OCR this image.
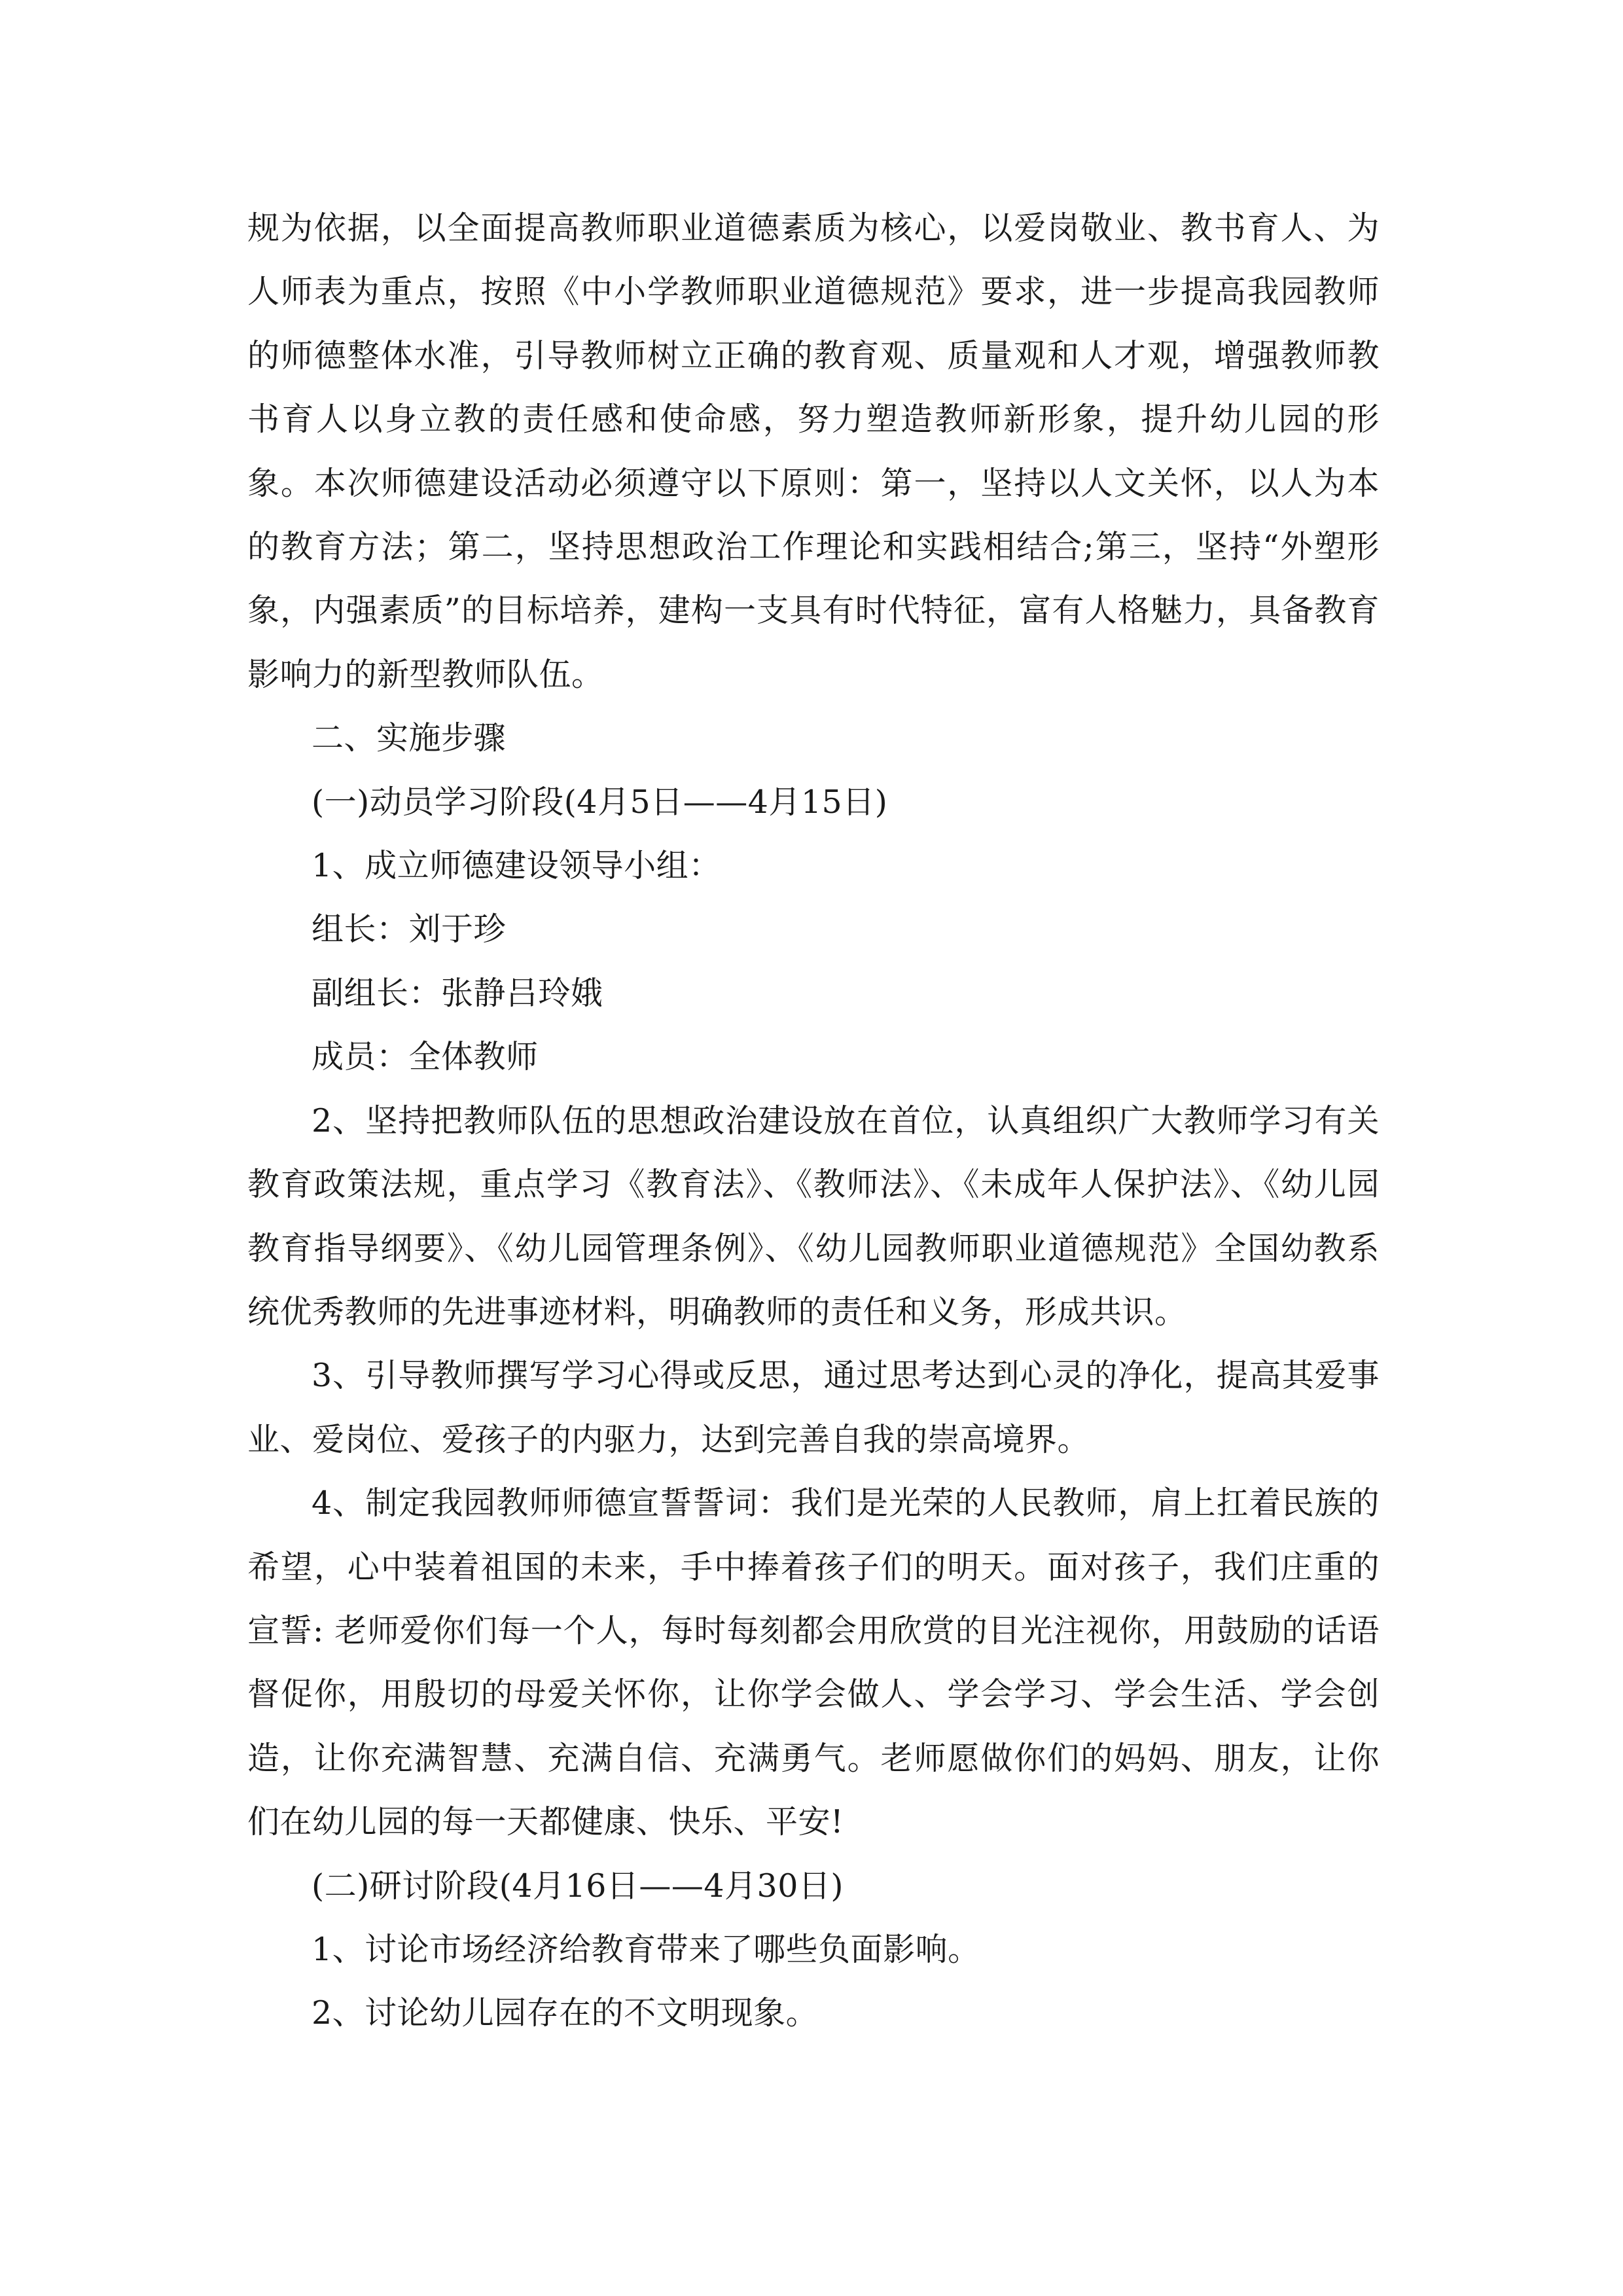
规为依据，以全面提高教师职业道德素质为核心，以爱岗敬业、教书育人、为人师表为重点，按照《中小学教师职业道德规范》要求，进一步提高我园教师的师德整体水准，引导教师树立正确的教育观、质量观和人才观，增强教师教书育人以身立教的责任感和使命感，努力塑造教师新形象，提升幼儿园的形象。本次师德建设活动必须遵守以下原则：第一，坚持以人文关怀，以人为本的教育方法；第二，坚持思想政治工作理论和实践相结合;第三，坚持“外塑形象，内强素质”的目标培养，建构一支具有时代特征，富有人格魅力，具备教育影响力的新型教师队伍。

二、实施步骤

(一)动员学习阶段(4月5日——4月15日)

1、成立师德建设领导小组：

组长：刘于珍

副组长：张静吕玲娥

成员：全体教师

2、坚持把教师队伍的思想政治建设放在首位，认真组织广大教师学习有关教育政策法规，重点学习《教育法》、《教师法》、《未成年人保护法》、《幼儿园教育指导纲要》、《幼儿园管理条例》、《幼儿园教师职业道德规范》全国幼教系统优秀教师的先进事迹材料，明确教师的责任和义务，形成共识。

3、引导教师撰写学习心得或反思，通过思考达到心灵的净化，提高其爱事业、爱岗位、爱孩子的内驱力，达到完善自我的崇高境界。

4、制定我园教师师德宣誓誓词：我们是光荣的人民教师，肩上扛着民族的希望，心中装着祖国的未来，手中捧着孩子们的明天。面对孩子，我们庄重的宣誓: 老师爱你们每一个人，每时每刻都会用欣赏的目光注视你，用鼓励的话语督促你，用殷切的母爱关怀你，让你学会做人、学会学习、学会生活、学会创造，让你充满智慧、充满自信、充满勇气。老师愿做你们的妈妈、朋友，让你们在幼儿园的每一天都健康、快乐、平安!

(二)研讨阶段(4月16日——4月30日)

1、讨论市场经济给教育带来了哪些负面影响。

2、讨论幼儿园存在的不文明现象。
